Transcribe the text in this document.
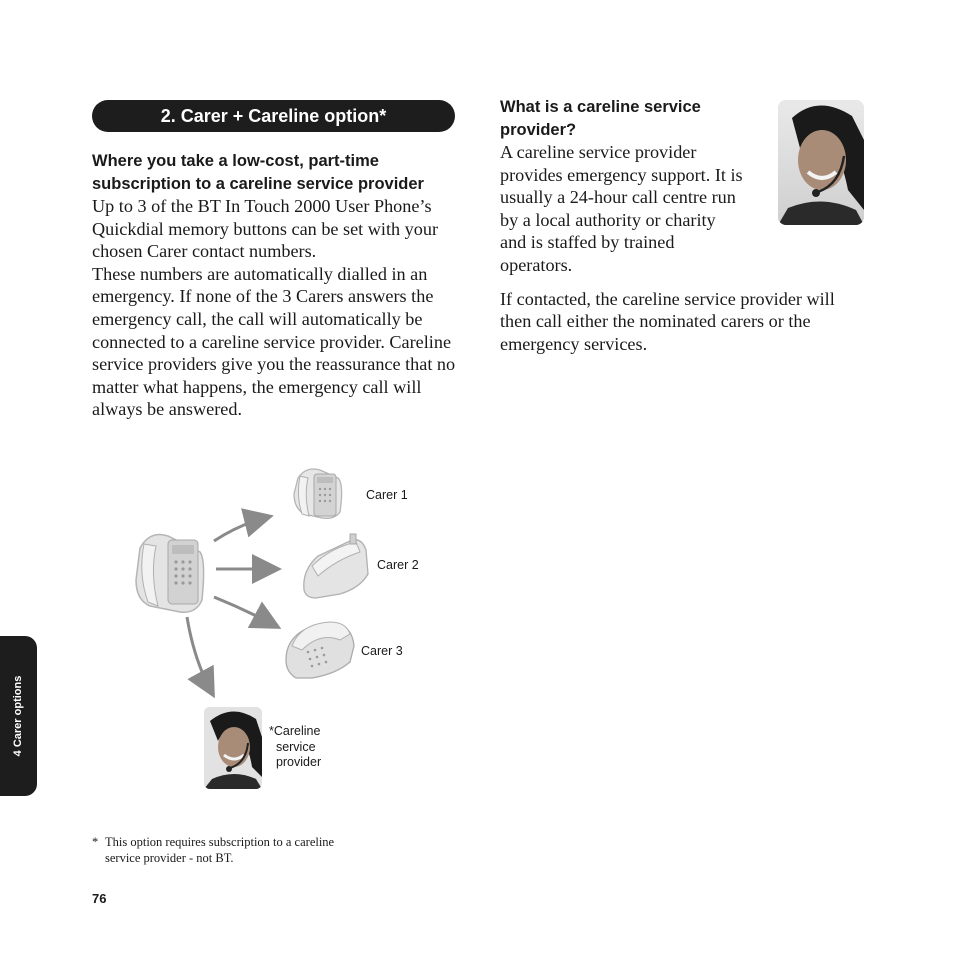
2. Carer + Careline option*

Where you take a low-cost, part-time subscription to a careline service provider

Up to 3 of the BT In Touch 2000 User Phone’s Quickdial memory buttons can be set with your chosen Carer contact numbers.

These numbers are automatically dialled in an emergency. If none of the 3 Carers answers the emergency call, the call will automatically be connected to a careline service provider. Careline service providers give you the reassurance that no matter what happens, the emergency call will always be answered.

What is a careline service provider?

A careline service provider provides emergency support. It is usually a 24-hour call centre run by a local authority or charity and is staffed by trained operators.

If contacted, the careline service provider will then call either the nominated carers or the emergency services.

Carer 1
Carer 2
Carer 3
*Careline
service
provider
* This option requires subscription to a careline service provider - not BT.
76
4 Carer options
